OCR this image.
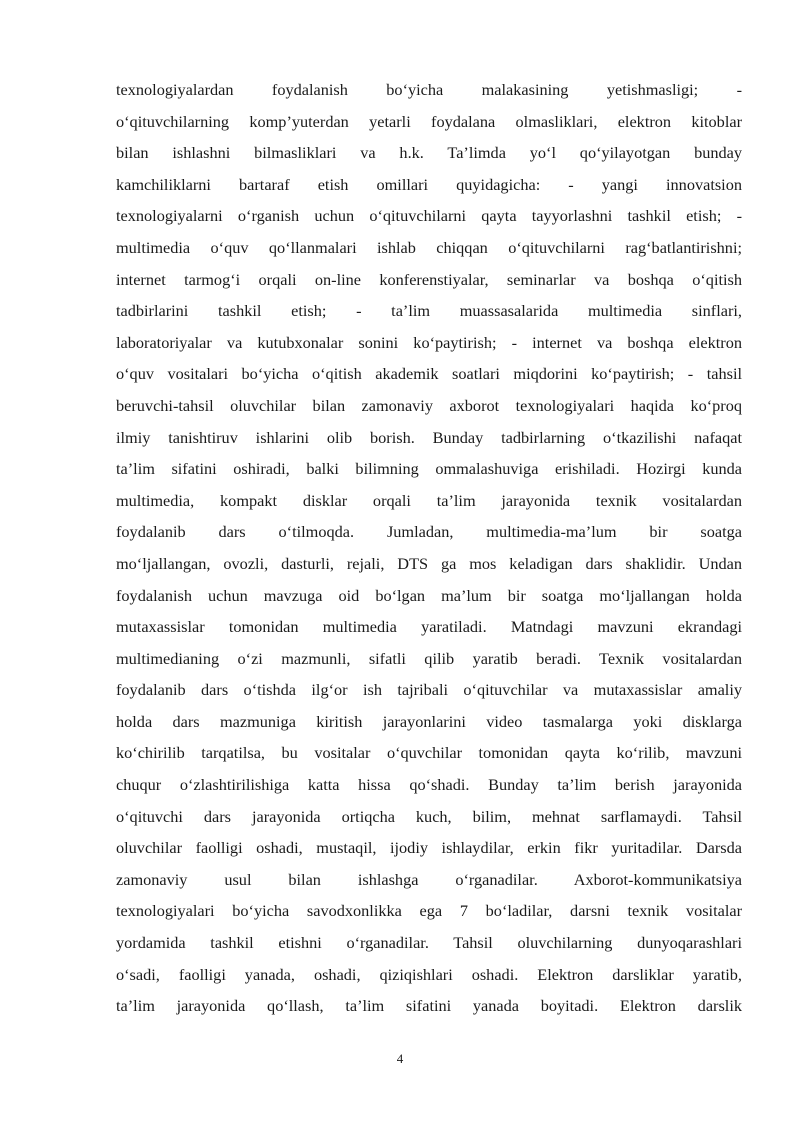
texnologiyalardan foydalanish bo‘yicha malakasining yetishmasligi; -
o‘qituvchilarning komp’yuterdan yetarli foydalana olmasliklari, elektron kitoblar
bilan ishlashni bilmasliklari va h.k. Ta’limda yo‘l qo‘yilayotgan bunday
kamchiliklarni bartaraf etish omillari quyidagicha: - yangi innovatsion
texnologiyalarni o‘rganish uchun o‘qituvchilarni qayta tayyorlashni tashkil etish; -
multimedia o‘quv qo‘llanmalari ishlab chiqqan o‘qituvchilarni rag‘batlantirishni;
internet tarmog‘i orqali on-line konferenstiyalar, seminarlar va boshqa o‘qitish
tadbirlarini tashkil etish; - ta’lim muassasalarida multimedia sinflari,
laboratoriyalar va kutubxonalar sonini ko‘paytirish; - internet va boshqa elektron
o‘quv vositalari bo‘yicha o‘qitish akademik soatlari miqdorini ko‘paytirish; - tahsil
beruvchi-tahsil oluvchilar bilan zamonaviy axborot texnologiyalari haqida ko‘proq
ilmiy tanishtiruv ishlarini olib borish. Bunday tadbirlarning o‘tkazilishi nafaqat
ta’lim sifatini oshiradi, balki bilimning ommalashuviga erishiladi. Hozirgi kunda
multimedia, kompakt disklar orqali ta’lim jarayonida texnik vositalardan
foydalanib dars o‘tilmoqda. Jumladan, multimedia-ma’lum bir soatga
mo‘ljallangan, ovozli, dasturli, rejali, DTS ga mos keladigan dars shaklidir. Undan
foydalanish uchun mavzuga oid bo‘lgan ma’lum bir soatga mo‘ljallangan holda
mutaxassislar tomonidan multimedia yaratiladi. Matndagi mavzuni ekrandagi
multimedianing o‘zi mazmunli, sifatli qilib yaratib beradi. Texnik vositalardan
foydalanib dars o‘tishda ilg‘or ish tajribali o‘qituvchilar va mutaxassislar amaliy
holda dars mazmuniga kiritish jarayonlarini video tasmalarga yoki disklarga
ko‘chirilib tarqatilsa, bu vositalar o‘quvchilar tomonidan qayta ko‘rilib, mavzuni
chuqur o‘zlashtirilishiga katta hissa qo‘shadi. Bunday ta’lim berish jarayonida
o‘qituvchi dars jarayonida ortiqcha kuch, bilim, mehnat sarflamaydi. Tahsil
oluvchilar faolligi oshadi, mustaqil, ijodiy ishlaydilar, erkin fikr yuritadilar. Darsda
zamonaviy usul bilan ishlashga o‘rganadilar. Axborot-kommunikatsiya
texnologiyalari bo‘yicha savodxonlikka ega 7 bo‘ladilar, darsni texnik vositalar
yordamida tashkil etishni o‘rganadilar. Tahsil oluvchilarning dunyoqarashlari
o‘sadi, faolligi yanada, oshadi, qiziqishlari oshadi. Elektron darsliklar yaratib,
ta’lim jarayonida qo‘llash, ta’lim sifatini yanada boyitadi. Elektron darslik
4
